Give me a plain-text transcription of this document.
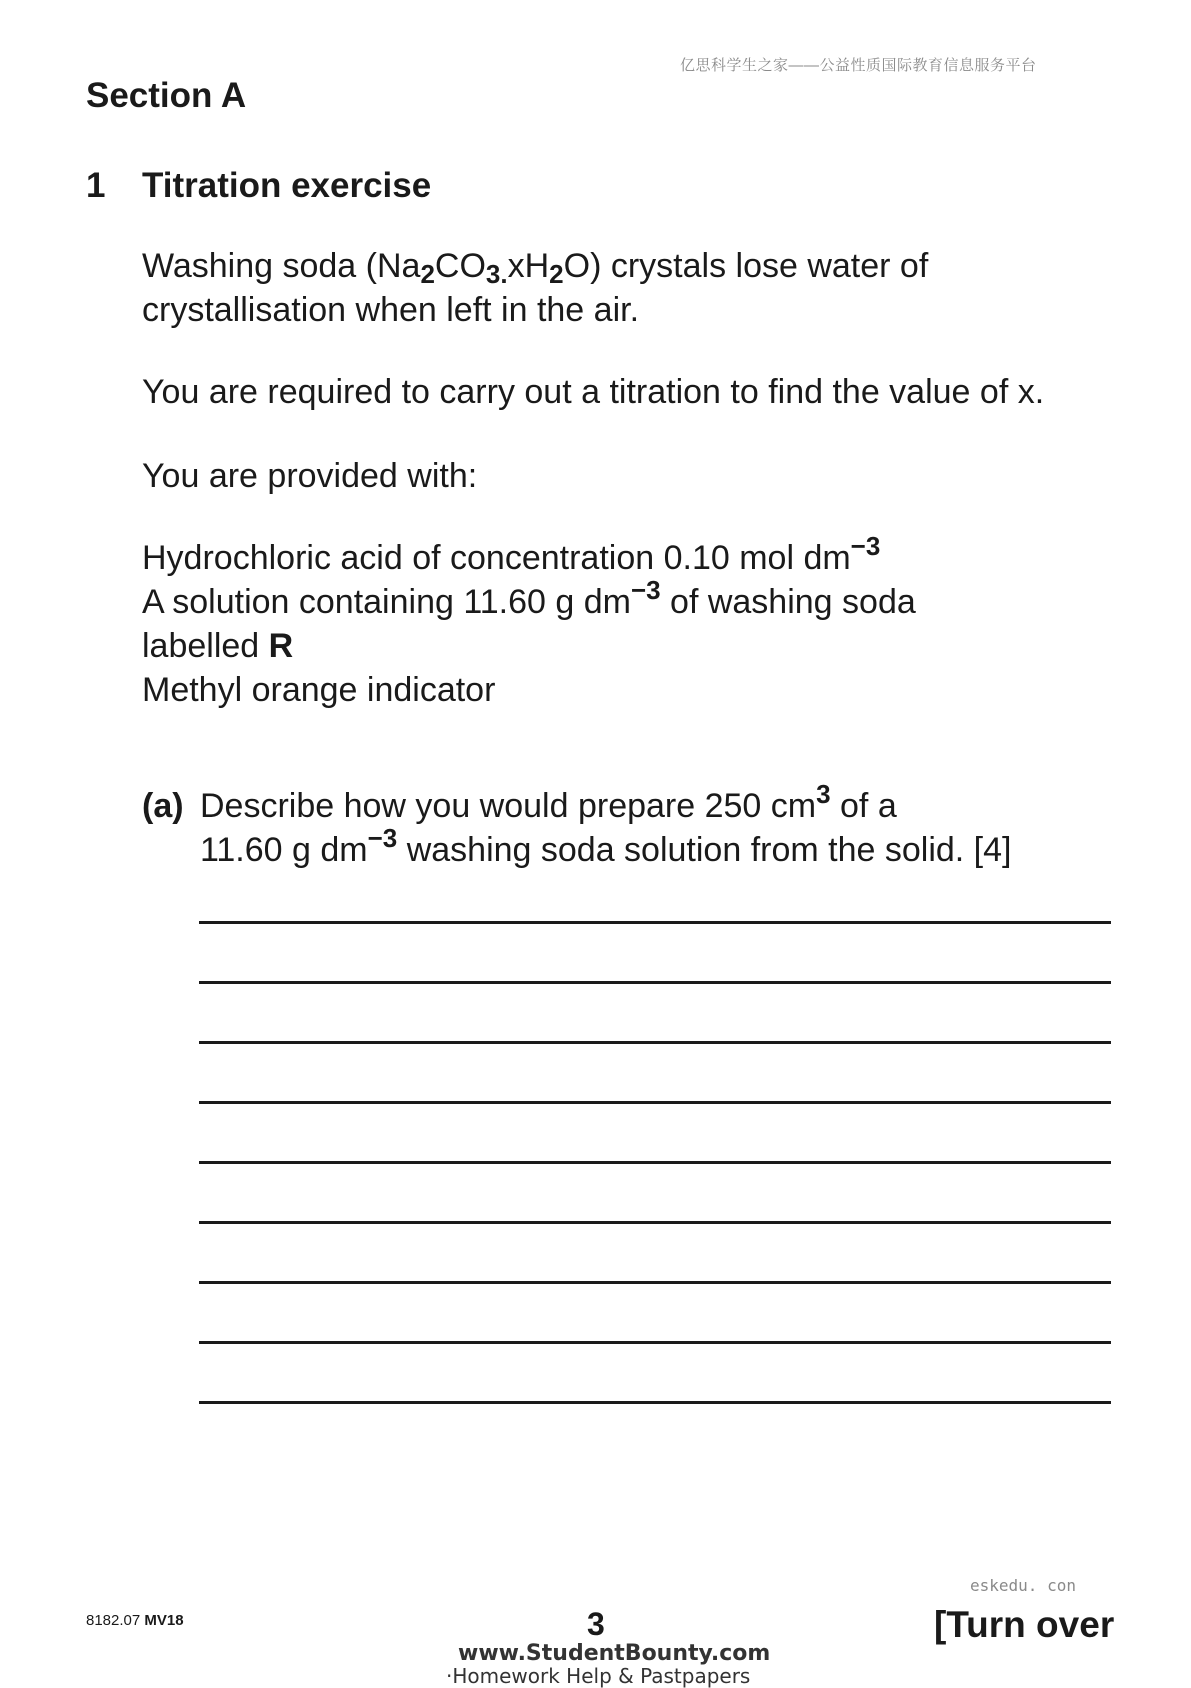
亿思科学生之家——公益性质国际教育信息服务平台
Section A
1 Titration exercise
Washing soda $(Na_2CO_{3.}xH_2O)$ crystals lose water of
crystallisation when left in the air.
You are required to carry out a titration to find the value of x.
You are provided with:
Hydrochloric acid of concentration 0.10 mol $dm^{-3}$
A solution containing 11.60 g $dm^{-3}$ of washing soda
labelled R
Methyl orange indicator
(a) Describe how you would prepare 250 $cm^3$ of a
11.60 g $dm^{-3}$ washing soda solution from the solid. [4]
eskedu. con
8182.07 MV18	3	[Turn over
www.StudentBounty.com
·Homework Help & Pastpapers
